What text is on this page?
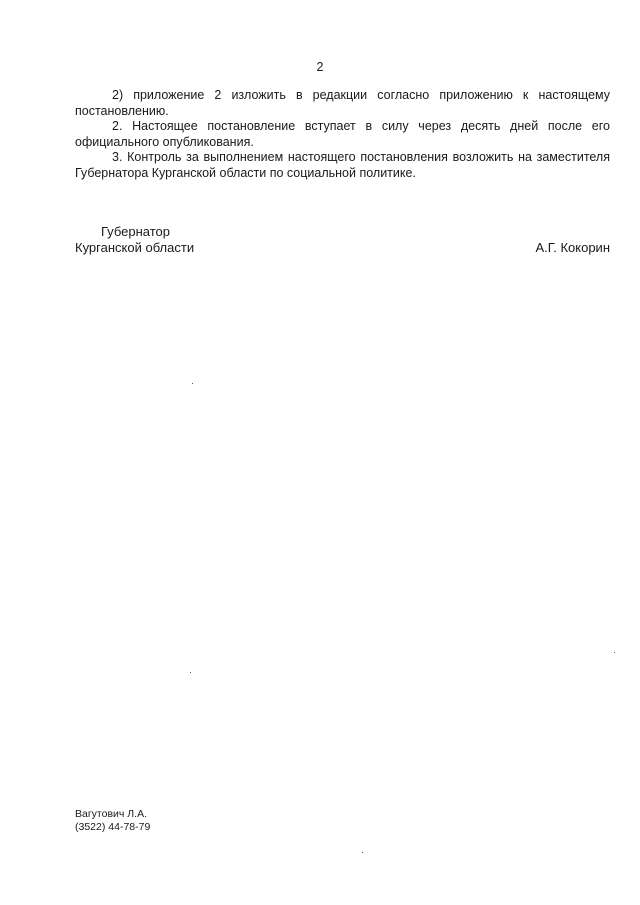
2

2) приложение 2 изложить в редакции согласно приложению к настоящему постановлению.

2. Настоящее постановление вступает в силу через десять дней после его официального опубликования.

3. Контроль за выполнением настоящего постановления возложить на заместителя Губернатора Курганской области по социальной политике.

Губернатор
Курганской области	А.Г. Кокорин
Вагутович Л.А.
(3522) 44-78-79
